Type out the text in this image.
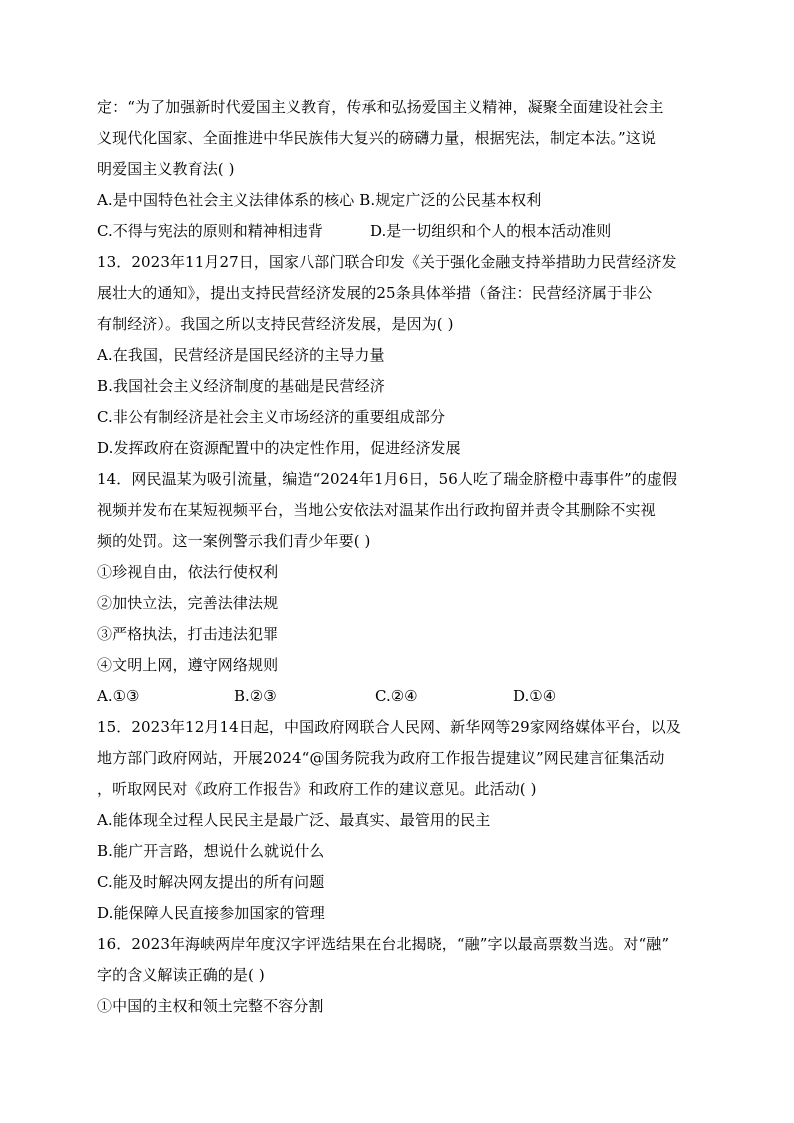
定：“为了加强新时代爱国主义教育，传承和弘扬爱国主义精神，凝聚全面建设社会主
义现代化国家、全面推进中华民族伟大复兴的磅礴力量，根据宪法，制定本法。”这说
明爱国主义教育法( )
A.是中国特色社会主义法律体系的核心 B.规定广泛的公民基本权利
C.不得与宪法的原则和精神相违背	D.是一切组织和个人的根本活动准则
13．2023年11月27日，国家八部门联合印发《关于强化金融支持举措助力民营经济发
展壮大的通知》，提出支持民营经济发展的25条具体举措（备注：民营经济属于非公
有制经济）。我国之所以支持民营经济发展，是因为( )
A.在我国，民营经济是国民经济的主导力量
B.我国社会主义经济制度的基础是民营经济
C.非公有制经济是社会主义市场经济的重要组成部分
D.发挥政府在资源配置中的决定性作用，促进经济发展
14．网民温某为吸引流量，编造“2024年1月6日，56人吃了瑞金脐橙中毒事件”的虚假
视频并发布在某短视频平台，当地公安依法对温某作出行政拘留并责令其删除不实视
频的处罚。这一案例警示我们青少年要( )
①珍视自由，依法行使权利
②加快立法，完善法律法规
③严格执法，打击违法犯罪
④文明上网，遵守网络规则
A.①③	B.②③	C.②④	D.①④
15．2023年12月14日起，中国政府网联合人民网、新华网等29家网络媒体平台，以及
地方部门政府网站，开展2024“@国务院我为政府工作报告提建议”网民建言征集活动
，听取网民对《政府工作报告》和政府工作的建议意见。此活动( )
A.能体现全过程人民民主是最广泛、最真实、最管用的民主
B.能广开言路，想说什么就说什么
C.能及时解决网友提出的所有问题
D.能保障人民直接参加国家的管理
16．2023年海峡两岸年度汉字评选结果在台北揭晓，“融”字以最高票数当选。对“融”
字的含义解读正确的是( )
①中国的主权和领土完整不容分割
